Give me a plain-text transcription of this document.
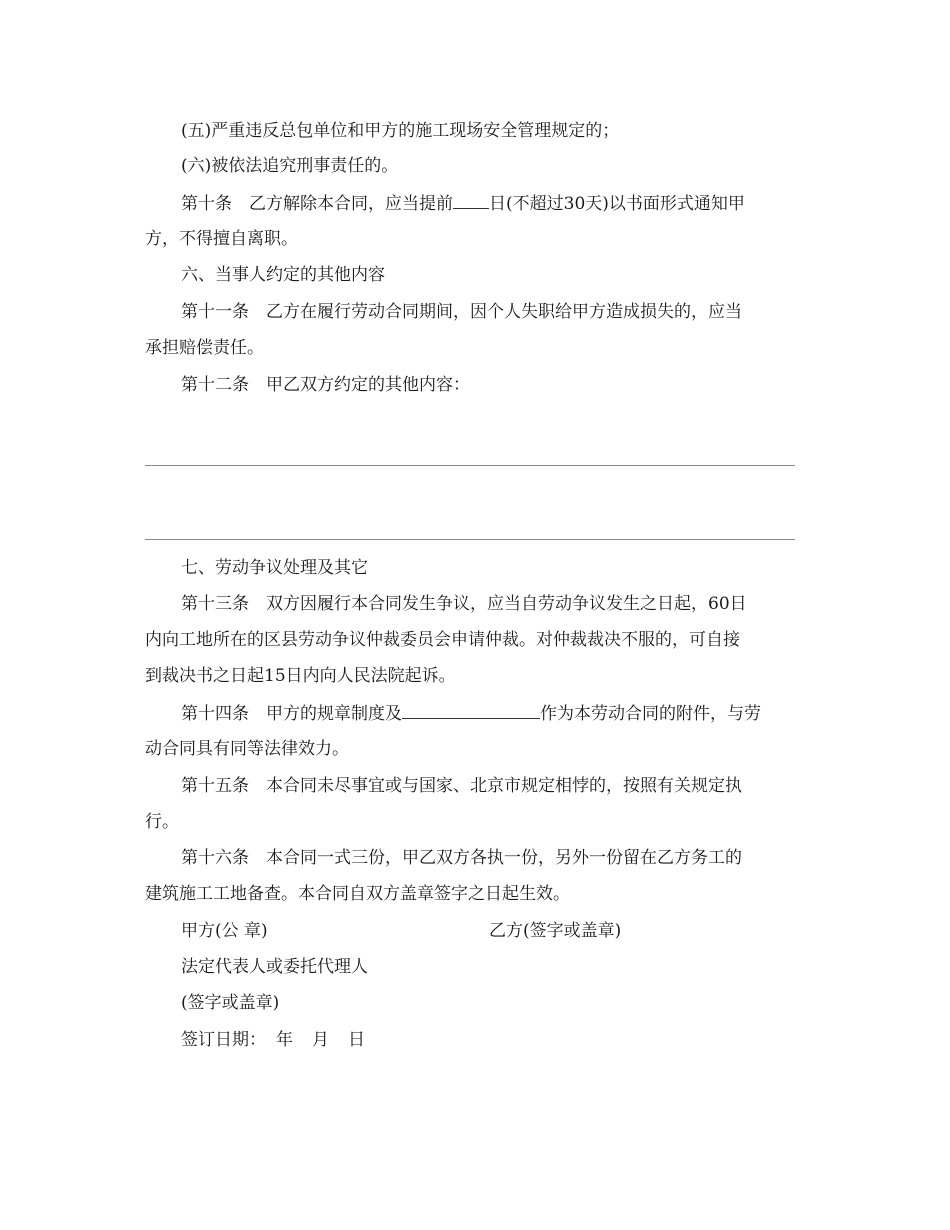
(五)严重违反总包单位和甲方的施工现场安全管理规定的；
(六)被依法追究刑事责任的。
第十条　乙方解除本合同，应当提前 日(不超过30天)以书面形式通知甲
方，不得擅自离职。
六、当事人约定的其他内容
第十一条　乙方在履行劳动合同期间，因个人失职给甲方造成损失的，应当
承担赔偿责任。
第十二条　甲乙双方约定的其他内容：
七、劳动争议处理及其它
第十三条　双方因履行本合同发生争议，应当自劳动争议发生之日起，60日
内向工地所在的区县劳动争议仲裁委员会申请仲裁。对仲裁裁决不服的，可自接
到裁决书之日起15日内向人民法院起诉。
第十四条　甲方的规章制度及	作为本劳动合同的附件，与劳
动合同具有同等法律效力。
第十五条　本合同未尽事宜或与国家、北京市规定相悖的，按照有关规定执
行。
第十六条　本合同一式三份，甲乙双方各执一份，另外一份留在乙方务工的
建筑施工工地备查。本合同自双方盖章签字之日起生效。
甲方(公 章)	乙方(签字或盖章)
法定代表人或委托代理人
(签字或盖章)
签订日期： 年 月 日
